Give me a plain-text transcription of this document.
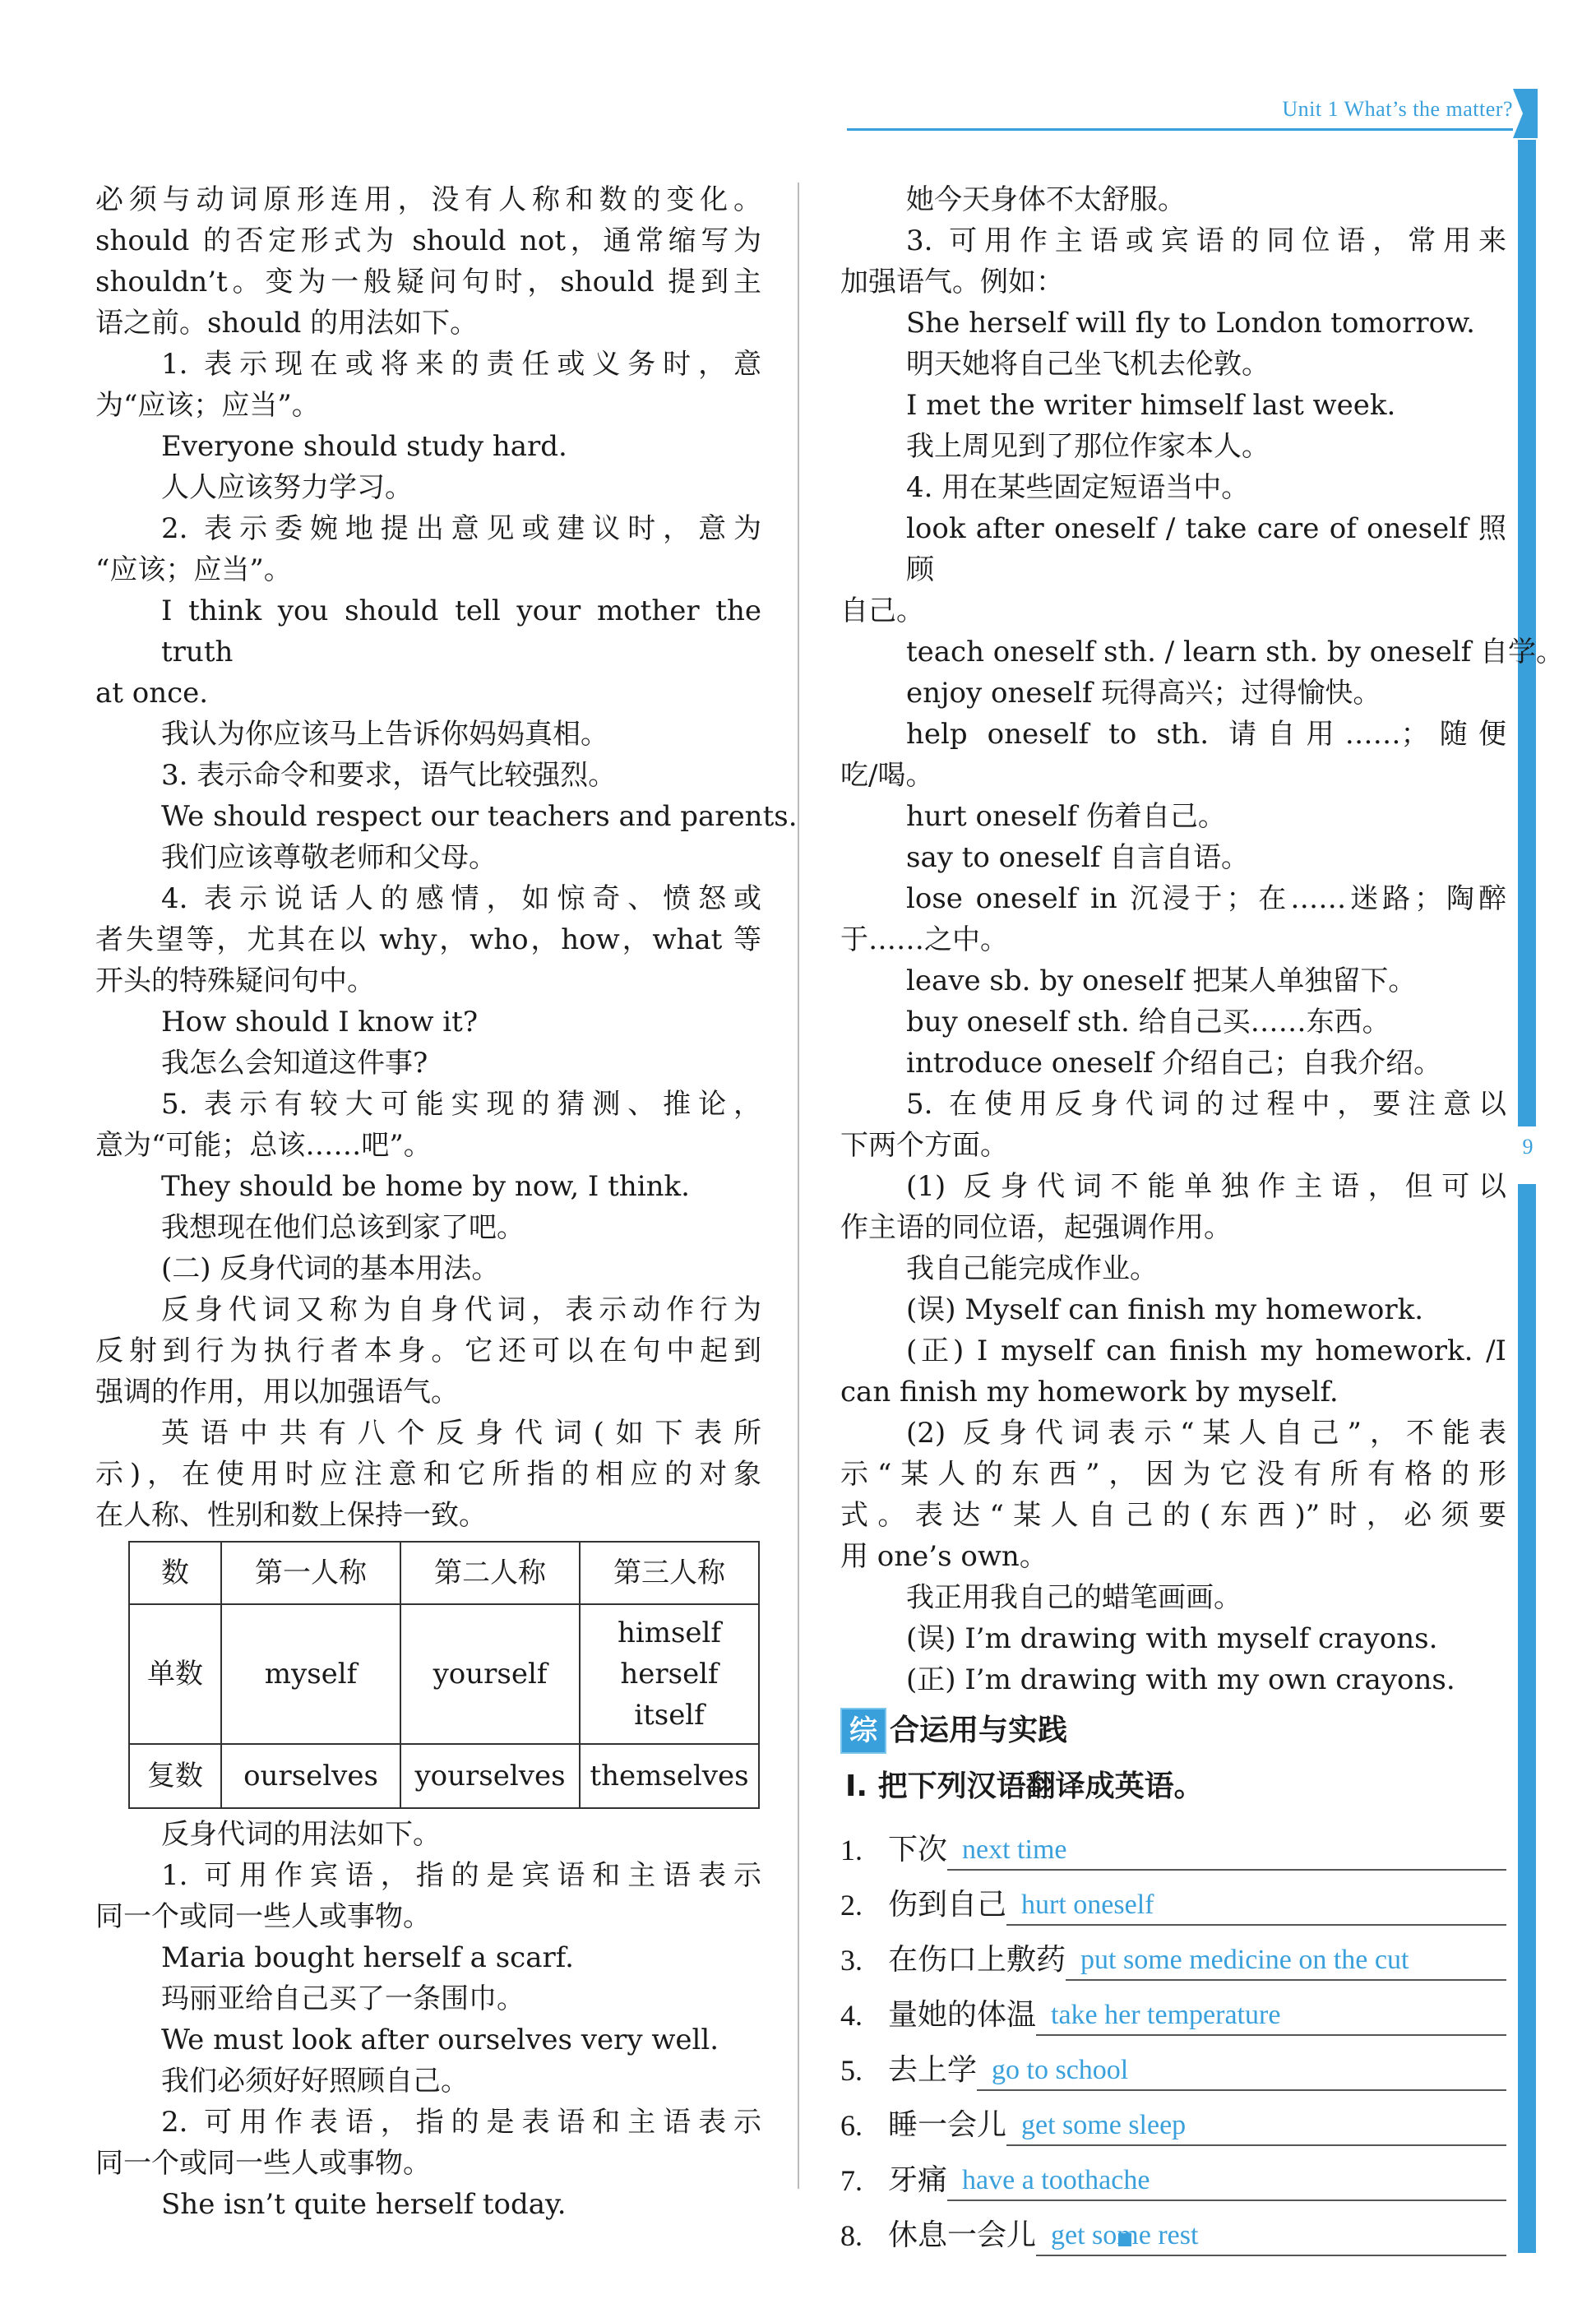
Unit 1 What’s the matter?
9
必须与动词原形连用，没有人称和数的变化。
should 的否定形式为 should not，通常缩写为
shouldn’t。变为一般疑问句时，should 提到主
语之前。should 的用法如下。
1. 表示现在或将来的责任或义务时，意
为“应该；应当”。
Everyone should study hard.
人人应该努力学习。
2. 表示委婉地提出意见或建议时，意为
“应该；应当”。
I think you should tell your mother the truth
at once.
我认为你应该马上告诉你妈妈真相。
3. 表示命令和要求，语气比较强烈。
We should respect our teachers and parents.
我们应该尊敬老师和父母。
4. 表示说话人的感情，如惊奇、愤怒或
者失望等，尤其在以 why，who，how，what 等
开头的特殊疑问句中。
How should I know it?
我怎么会知道这件事?
5. 表示有较大可能实现的猜测、推论，
意为“可能；总该……吧”。
They should be home by now, I think.
我想现在他们总该到家了吧。
(二) 反身代词的基本用法。
反身代词又称为自身代词，表示动作行为
反射到行为执行者本身。它还可以在句中起到
强调的作用，用以加强语气。
英语中共有八个反身代词(如下表所
示)，在使用时应注意和它所指的相应的对象
在人称、性别和数上保持一致。
数	第一人称	第二人称	第三人称
单数	myself	yourself	himself
herself
itself

复数	ourselves	yourselves	themselves
反身代词的用法如下。
1. 可用作宾语，指的是宾语和主语表示
同一个或同一些人或事物。
Maria bought herself a scarf.
玛丽亚给自己买了一条围巾。
We must look after ourselves very well.
我们必须好好照顾自己。
2. 可用作表语，指的是表语和主语表示
同一个或同一些人或事物。
She isn’t quite herself today.
她今天身体不太舒服。
3. 可用作主语或宾语的同位语，常用来
加强语气。例如：
She herself will fly to London tomorrow.
明天她将自己坐飞机去伦敦。
I met the writer himself last week.
我上周见到了那位作家本人。
4. 用在某些固定短语当中。
look after oneself / take care of oneself 照顾
自己。
teach oneself sth. / learn sth. by oneself 自学。
enjoy oneself 玩得高兴；过得愉快。
help oneself to sth. 请自用……；随便
吃/喝。
hurt oneself 伤着自己。
say to oneself 自言自语。
lose oneself in 沉浸于；在……迷路；陶醉
于……之中。
leave sb. by oneself 把某人单独留下。
buy oneself sth. 给自己买……东西。
introduce oneself 介绍自己；自我介绍。
5. 在使用反身代词的过程中，要注意以
下两个方面。
(1) 反身代词不能单独作主语，但可以
作主语的同位语，起强调作用。
我自己能完成作业。
(误) Myself can finish my homework.
(正) I myself can finish my homework. /I
can finish my homework by myself.
(2) 反身代词表示“某人自己”，不能表
示“某人的东西”，因为它没有所有格的形
式。表达“某人自己的(东西)”时，必须要
用 one’s own。
我正用我自己的蜡笔画画。
(误) I’m drawing with myself crayons.
(正) I’m drawing with my own crayons.
综 合运用与实践
Ⅰ. 把下列汉语翻译成英语。
1. 下次 next time
2. 伤到自己 hurt oneself
3. 在伤口上敷药 put some medicine on the cut
4. 量她的体温 take her temperature
5. 去上学 go to school
6. 睡一会儿 get some sleep
7. 牙痛 have a toothache
8. 休息一会儿 get some rest
